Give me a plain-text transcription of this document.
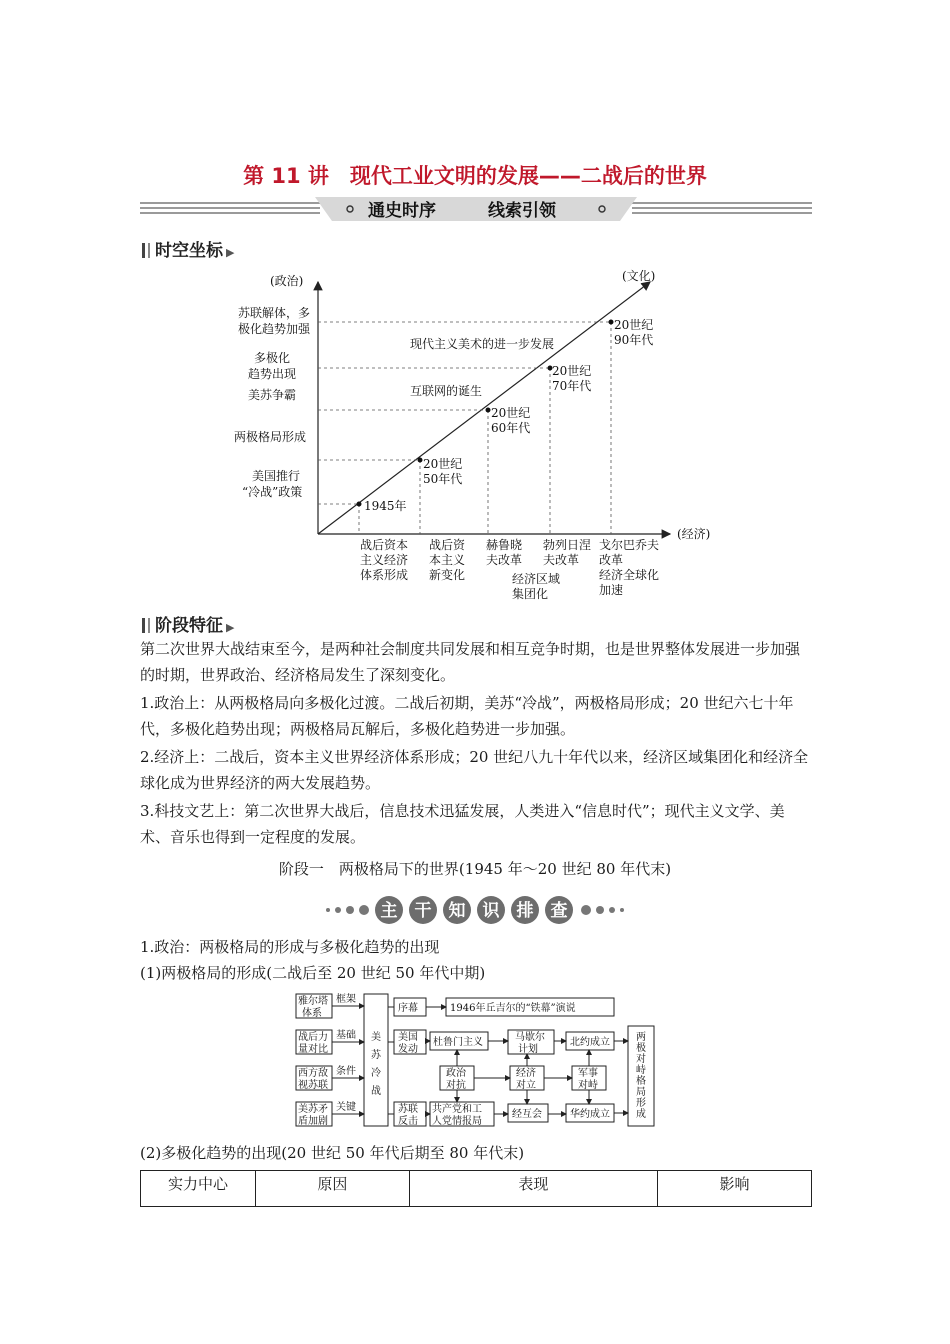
第 11 讲　现代工业文明的发展——二战后的世界
通史时序	线索引领
时空坐标 ▶
(政治)
(经济)
(文化)
苏联解体，多
极化趋势加强
多极化
趋势出现
美苏争霸
两极格局形成
美国推行
“冷战”政策
1945年
20世纪
50年代
20世纪
60年代
20世纪
70年代
20世纪
90年代
现代主义美术的进一步发展
互联网的诞生
战后资本
主义经济
体系形成
战后资
本主义
新变化
赫鲁晓
夫改革
经济区域
集团化
勃列日涅
夫改革
戈尔巴乔夫
改革
经济全球化
加速
阶段特征 ▶
第二次世界大战结束至今，是两种社会制度共同发展和相互竞争时期，也是世界整体发展进一步加强的时期，世界政治、经济格局发生了深刻变化。
1.政治上：从两极格局向多极化过渡。二战后初期，美苏“冷战”，两极格局形成；20 世纪六七十年代，多极化趋势出现；两极格局瓦解后，多极化趋势进一步加强。
2.经济上：二战后，资本主义世界经济体系形成；20 世纪八九十年代以来，经济区域集团化和经济全球化成为世界经济的两大发展趋势。
3.科技文艺上：第二次世界大战后，信息技术迅猛发展，人类进入“信息时代”；现代主义文学、美术、音乐也得到一定程度的发展。
阶段一　两极格局下的世界(1945 年～20 世纪 80 年代末)
主 干 知 识 排 查
1.政治：两极格局的形成与多极化趋势的出现
(1)两极格局的形成(二战后至 20 世纪 50 年代中期)
雅尔塔
体系
框架
战后力
量对比
基础
西方敌
视苏联
条件
美苏矛
盾加剧
关键
美
苏
冷
战
序幕	1946年丘吉尔的“铁幕”演说
美国
发动
杜鲁门主义	马歇尔
计划
北约成立
政治
对抗
经济
对立
军事
对峙
苏联
反击
共产党和工
人党情报局
经互会	华约成立
两
极
对
峙
格
局
形
成
(2)多极化趋势的出现(20 世纪 50 年代后期至 80 年代末)
实力中心	原因	表现	影响
